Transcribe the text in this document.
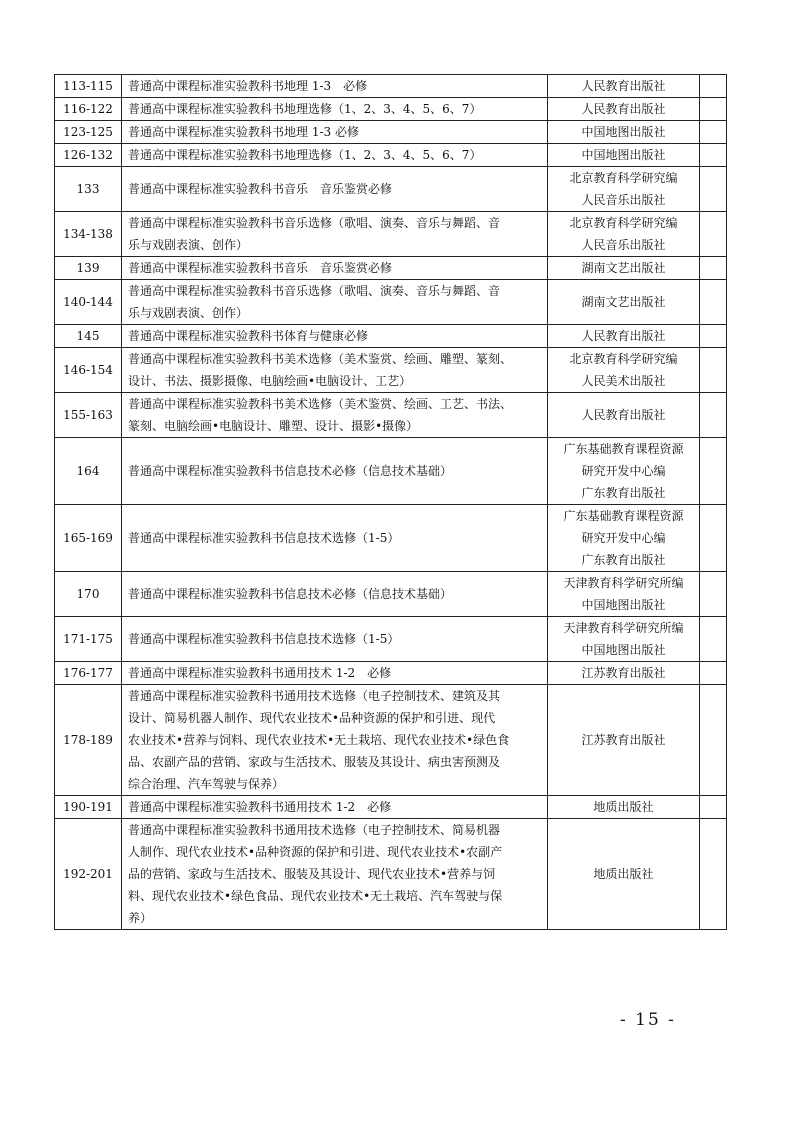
113-115	普通高中课程标准实验教科书地理 1-3　必修	人民教育出版社	

116-122	普通高中课程标准实验教科书地理选修（1、2、3、4、5、6、7）	人民教育出版社	

123-125	普通高中课程标准实验教科书地理 1-3 必修	中国地图出版社	

126-132	普通高中课程标准实验教科书地理选修（1、2、3、4、5、6、7）	中国地图出版社	

133	普通高中课程标准实验教科书音乐　音乐鉴赏必修	北京教育科学研究编
人民音乐出版社	

134-138	普通高中课程标准实验教科书音乐选修（歌唱、演奏、音乐与舞蹈、音
乐与戏剧表演、创作）	北京教育科学研究编
人民音乐出版社	

139	普通高中课程标准实验教科书音乐　音乐鉴赏必修	湖南文艺出版社	

140-144	普通高中课程标准实验教科书音乐选修（歌唱、演奏、音乐与舞蹈、音
乐与戏剧表演、创作）	湖南文艺出版社	

145	普通高中课程标准实验教科书体育与健康必修	人民教育出版社	

146-154	普通高中课程标准实验教科书美术选修（美术鉴赏、绘画、雕塑、篆刻、
设计、书法、摄影摄像、电脑绘画•电脑设计、工艺）	北京教育科学研究编
人民美术出版社	

155-163	普通高中课程标准实验教科书美术选修（美术鉴赏、绘画、工艺、书法、
篆刻、电脑绘画•电脑设计、雕塑、设计、摄影•摄像）	人民教育出版社	

164	普通高中课程标准实验教科书信息技术必修（信息技术基础）	广东基础教育课程资源
研究开发中心编
广东教育出版社	

165-169	普通高中课程标准实验教科书信息技术选修（1-5）	广东基础教育课程资源
研究开发中心编
广东教育出版社	

170	普通高中课程标准实验教科书信息技术必修（信息技术基础）	天津教育科学研究所编
中国地图出版社	

171-175	普通高中课程标准实验教科书信息技术选修（1-5）	天津教育科学研究所编
中国地图出版社	

176-177	普通高中课程标准实验教科书通用技术 1-2　必修	江苏教育出版社	

178-189	普通高中课程标准实验教科书通用技术选修（电子控制技术、建筑及其
设计、简易机器人制作、现代农业技术•品种资源的保护和引进、现代
农业技术•营养与饲料、现代农业技术•无土栽培、现代农业技术•绿色食
品、农副产品的营销、家政与生活技术、服装及其设计、病虫害预测及
综合治理、汽车驾驶与保养）	江苏教育出版社	

190-191	普通高中课程标准实验教科书通用技术 1-2　必修	地质出版社	

192-201	普通高中课程标准实验教科书通用技术选修（电子控制技术、简易机器
人制作、现代农业技术•品种资源的保护和引进、现代农业技术•农副产
品的营销、家政与生活技术、服装及其设计、现代农业技术•营养与饲
料、现代农业技术•绿色食品、现代农业技术•无土栽培、汽车驾驶与保
养）	地质出版社	

- 15 -
